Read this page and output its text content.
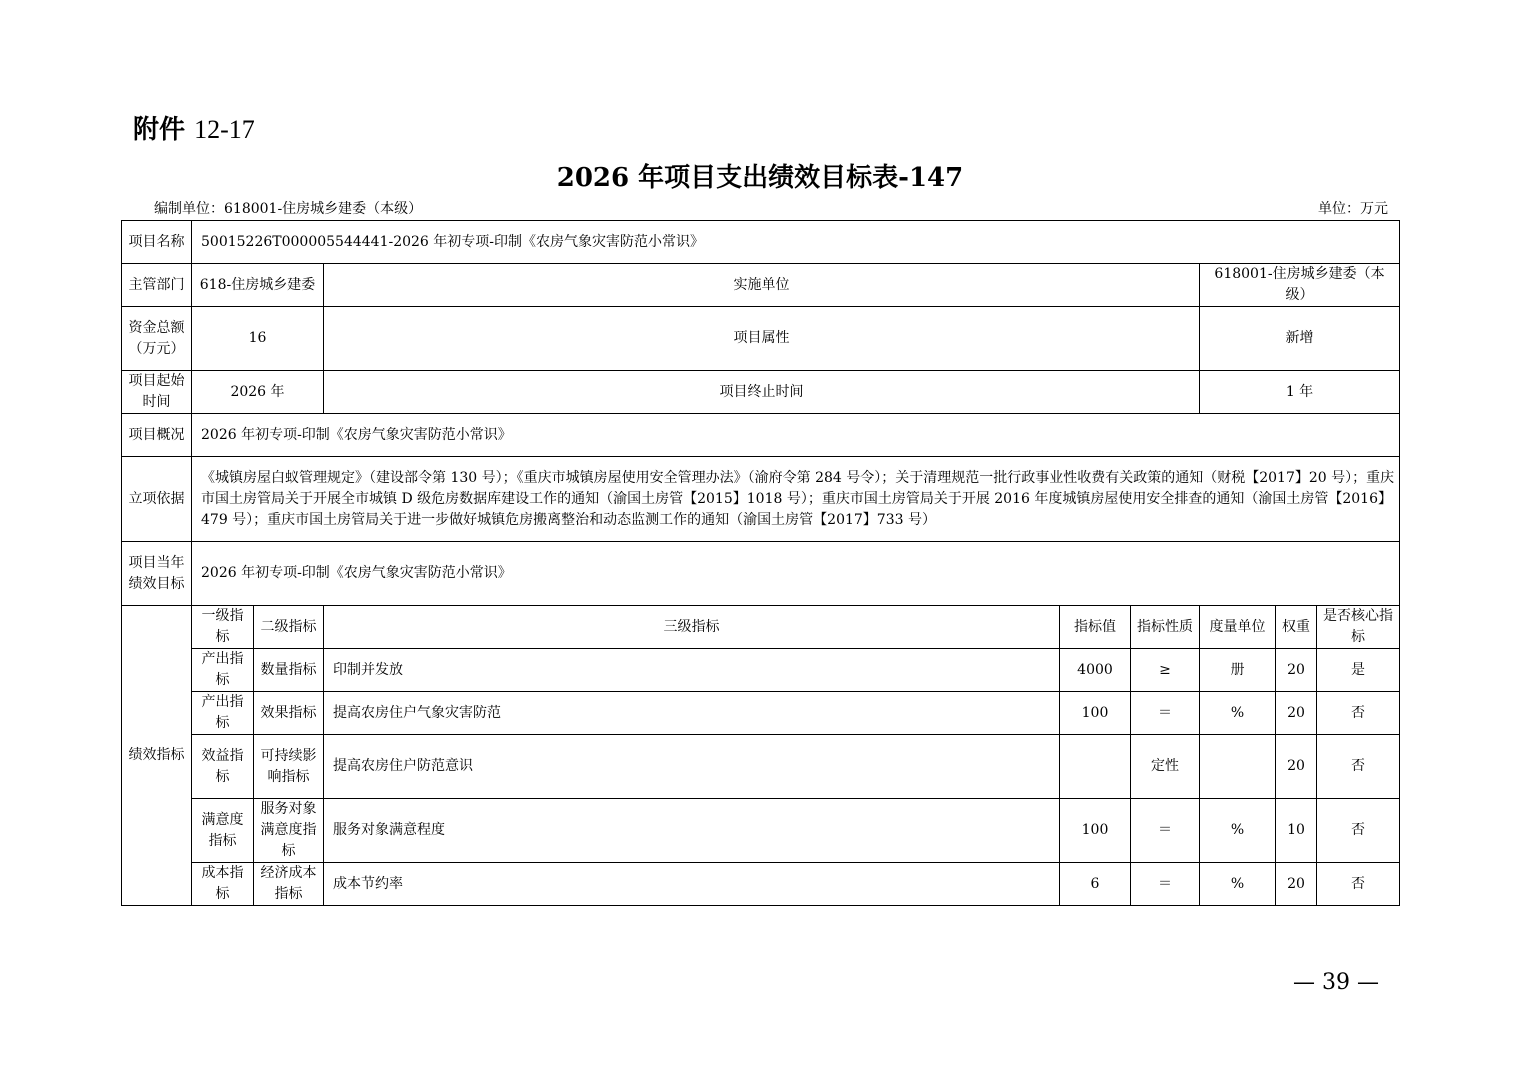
附件 12-17
2026 年项目支出绩效目标表-147
编制单位：618001-住房城乡建委（本级）	单位：万元
项目名称	50015226T000005544441-2026 年初专项-印制《农房气象灾害防范小常识》							
主管部门	618-住房城乡建委		实施单位			618001-住房城乡建委（本级）		
资金总额（万元）	16		项目属性			新增		
项目起始时间	2026 年		项目终止时间			1 年		
项目概况	2026 年初专项-印制《农房气象灾害防范小常识》							
立项依据	《城镇房屋白蚁管理规定》（建设部令第 130 号）；《重庆市城镇房屋使用安全管理办法》（渝府令第 284 号令）；关于清理规范一批行政事业性收费有关政策的通知（财税【2017】20 号）；重庆市国土房管局关于开展全市城镇 D 级危房数据库建设工作的通知（渝国土房管【2015】1018 号）；重庆市国土房管局关于开展 2016 年度城镇房屋使用安全排查的通知（渝国土房管【2016】479 号）；重庆市国土房管局关于进一步做好城镇危房搬离整治和动态监测工作的通知（渝国土房管【2017】733 号）							
项目当年绩效目标	2026 年初专项-印制《农房气象灾害防范小常识》							
绩效指标	一级指标	二级指标	三级指标	指标值	指标性质	度量单位	权重	是否核心指标
	产出指标	数量指标	印制并发放	4000	≥	册	20	是
	产出指标	效果指标	提高农房住户气象灾害防范	100	＝	%	20	否
	效益指标	可持续影响指标	提高农房住户防范意识		定性		20	否
	满意度指标	服务对象满意度指标	服务对象满意程度	100	＝	%	10	否
	成本指标	经济成本指标	成本节约率	6	＝	%	20	否
— 39 —
